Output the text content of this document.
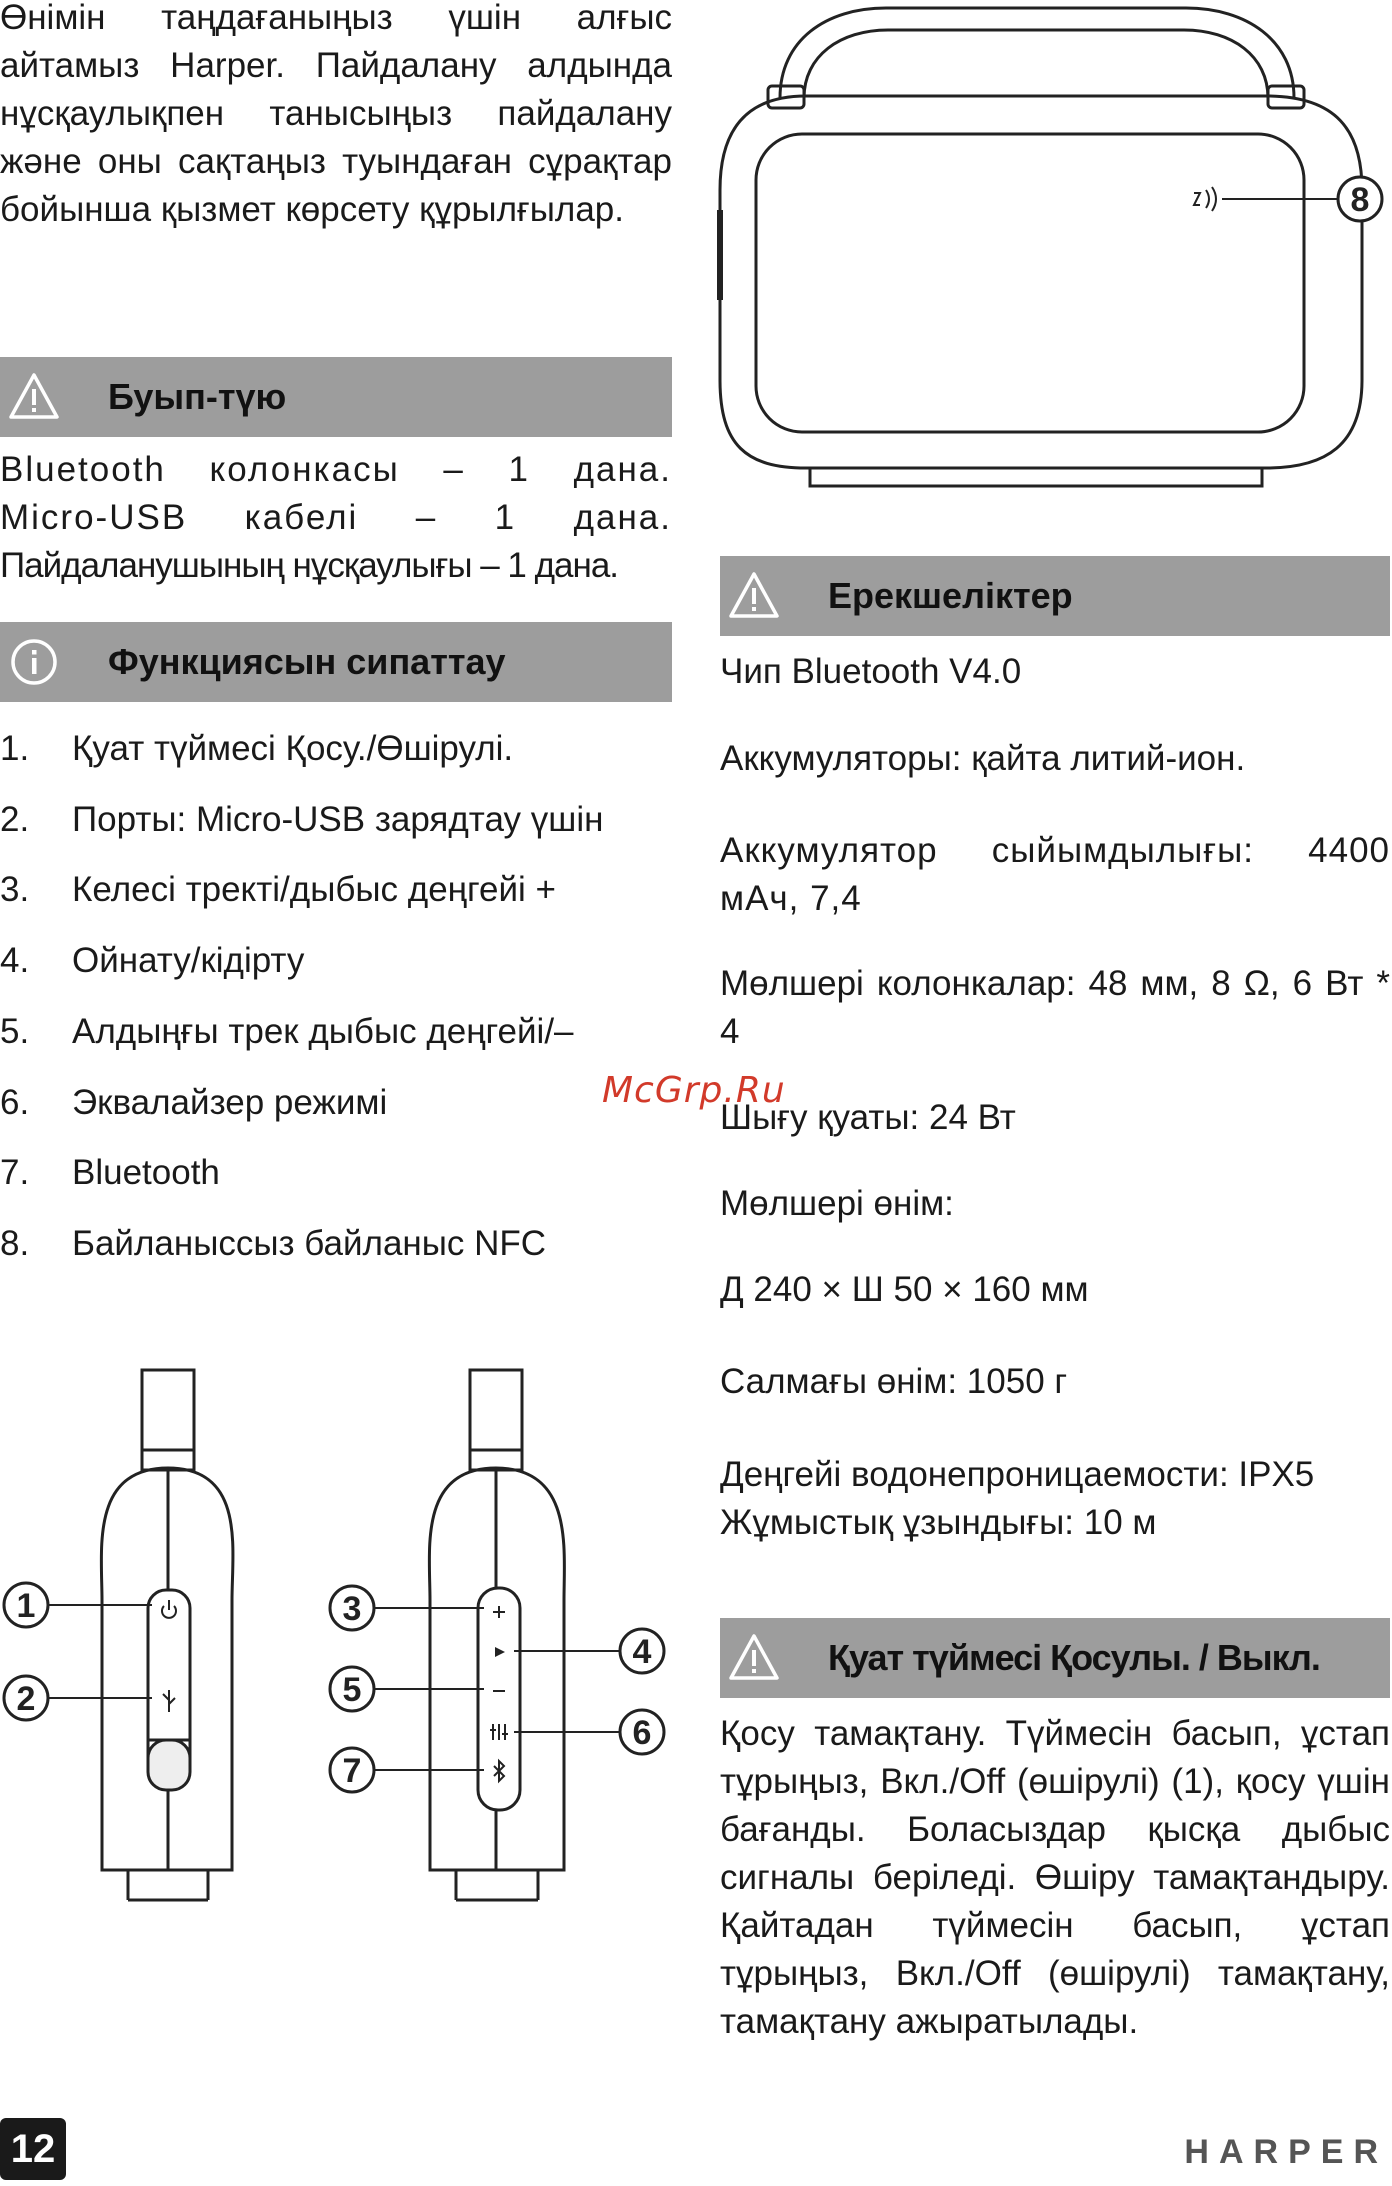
Өнімін таңдағаныңыз үшін алғыс айтамыз Harper. Пайдалану алдында нұсқаулықпен танысыңыз пайдалану және оны сақтаңыз туындаған сұрақтар бойынша қызмет көрсету құрылғылар.

Буып-түю
Bluetooth колонкасы – 1 дана.
Micro-USB кабелі – 1 дана.
Пайдаланушының нұсқаулығы – 1 дана.
Функциясын сипаттау
1. Қуат түймесі Қосу./Өшірулі.
2. Порты: Micro-USB зарядтау үшін
3. Келесі тректі/дыбыс деңгейі +
4. Ойнату/кідірту
5. Алдыңғы трек дыбыс деңгейі/–
6. Эквалайзер режимі
7. Bluetooth
8. Байланыссыз байланыс NFC
1
2
3
5
7
4
6
8
Ерекшеліктер

Чип Bluetooth V4.0

Аккумуляторы: қайта литий-ион.

Аккумулятор сыйымдылығы: 4400 мАч, 7,4

Мөлшері колонкалар: 48 мм, 8 Ω, 6 Вт * 4

Шығу қуаты: 24 Вт

Мөлшері өнім:

Д 240 × Ш 50 × 160 мм

Салмағы өнім: 1050 г

Деңгейі водонепроницаемости: IPX5 Жұмыстық ұзындығы: 10 м

Қуат түймесі Қосулы. / Выкл.

Қосу тамақтану. Түймесін басып, ұстап тұрыңыз, Вкл./Off (өшірулі) (1), қосу үшін бағанды. Боласыздар қысқа дыбыс сигналы беріледі. Өшіру тамақтандыру. Қайтадан түймесін басып, ұстап тұрыңыз, Вкл./Off (өшірулі) тамақтану, тамақтану ажыратылады.

McGrp.Ru
12	HARPER
